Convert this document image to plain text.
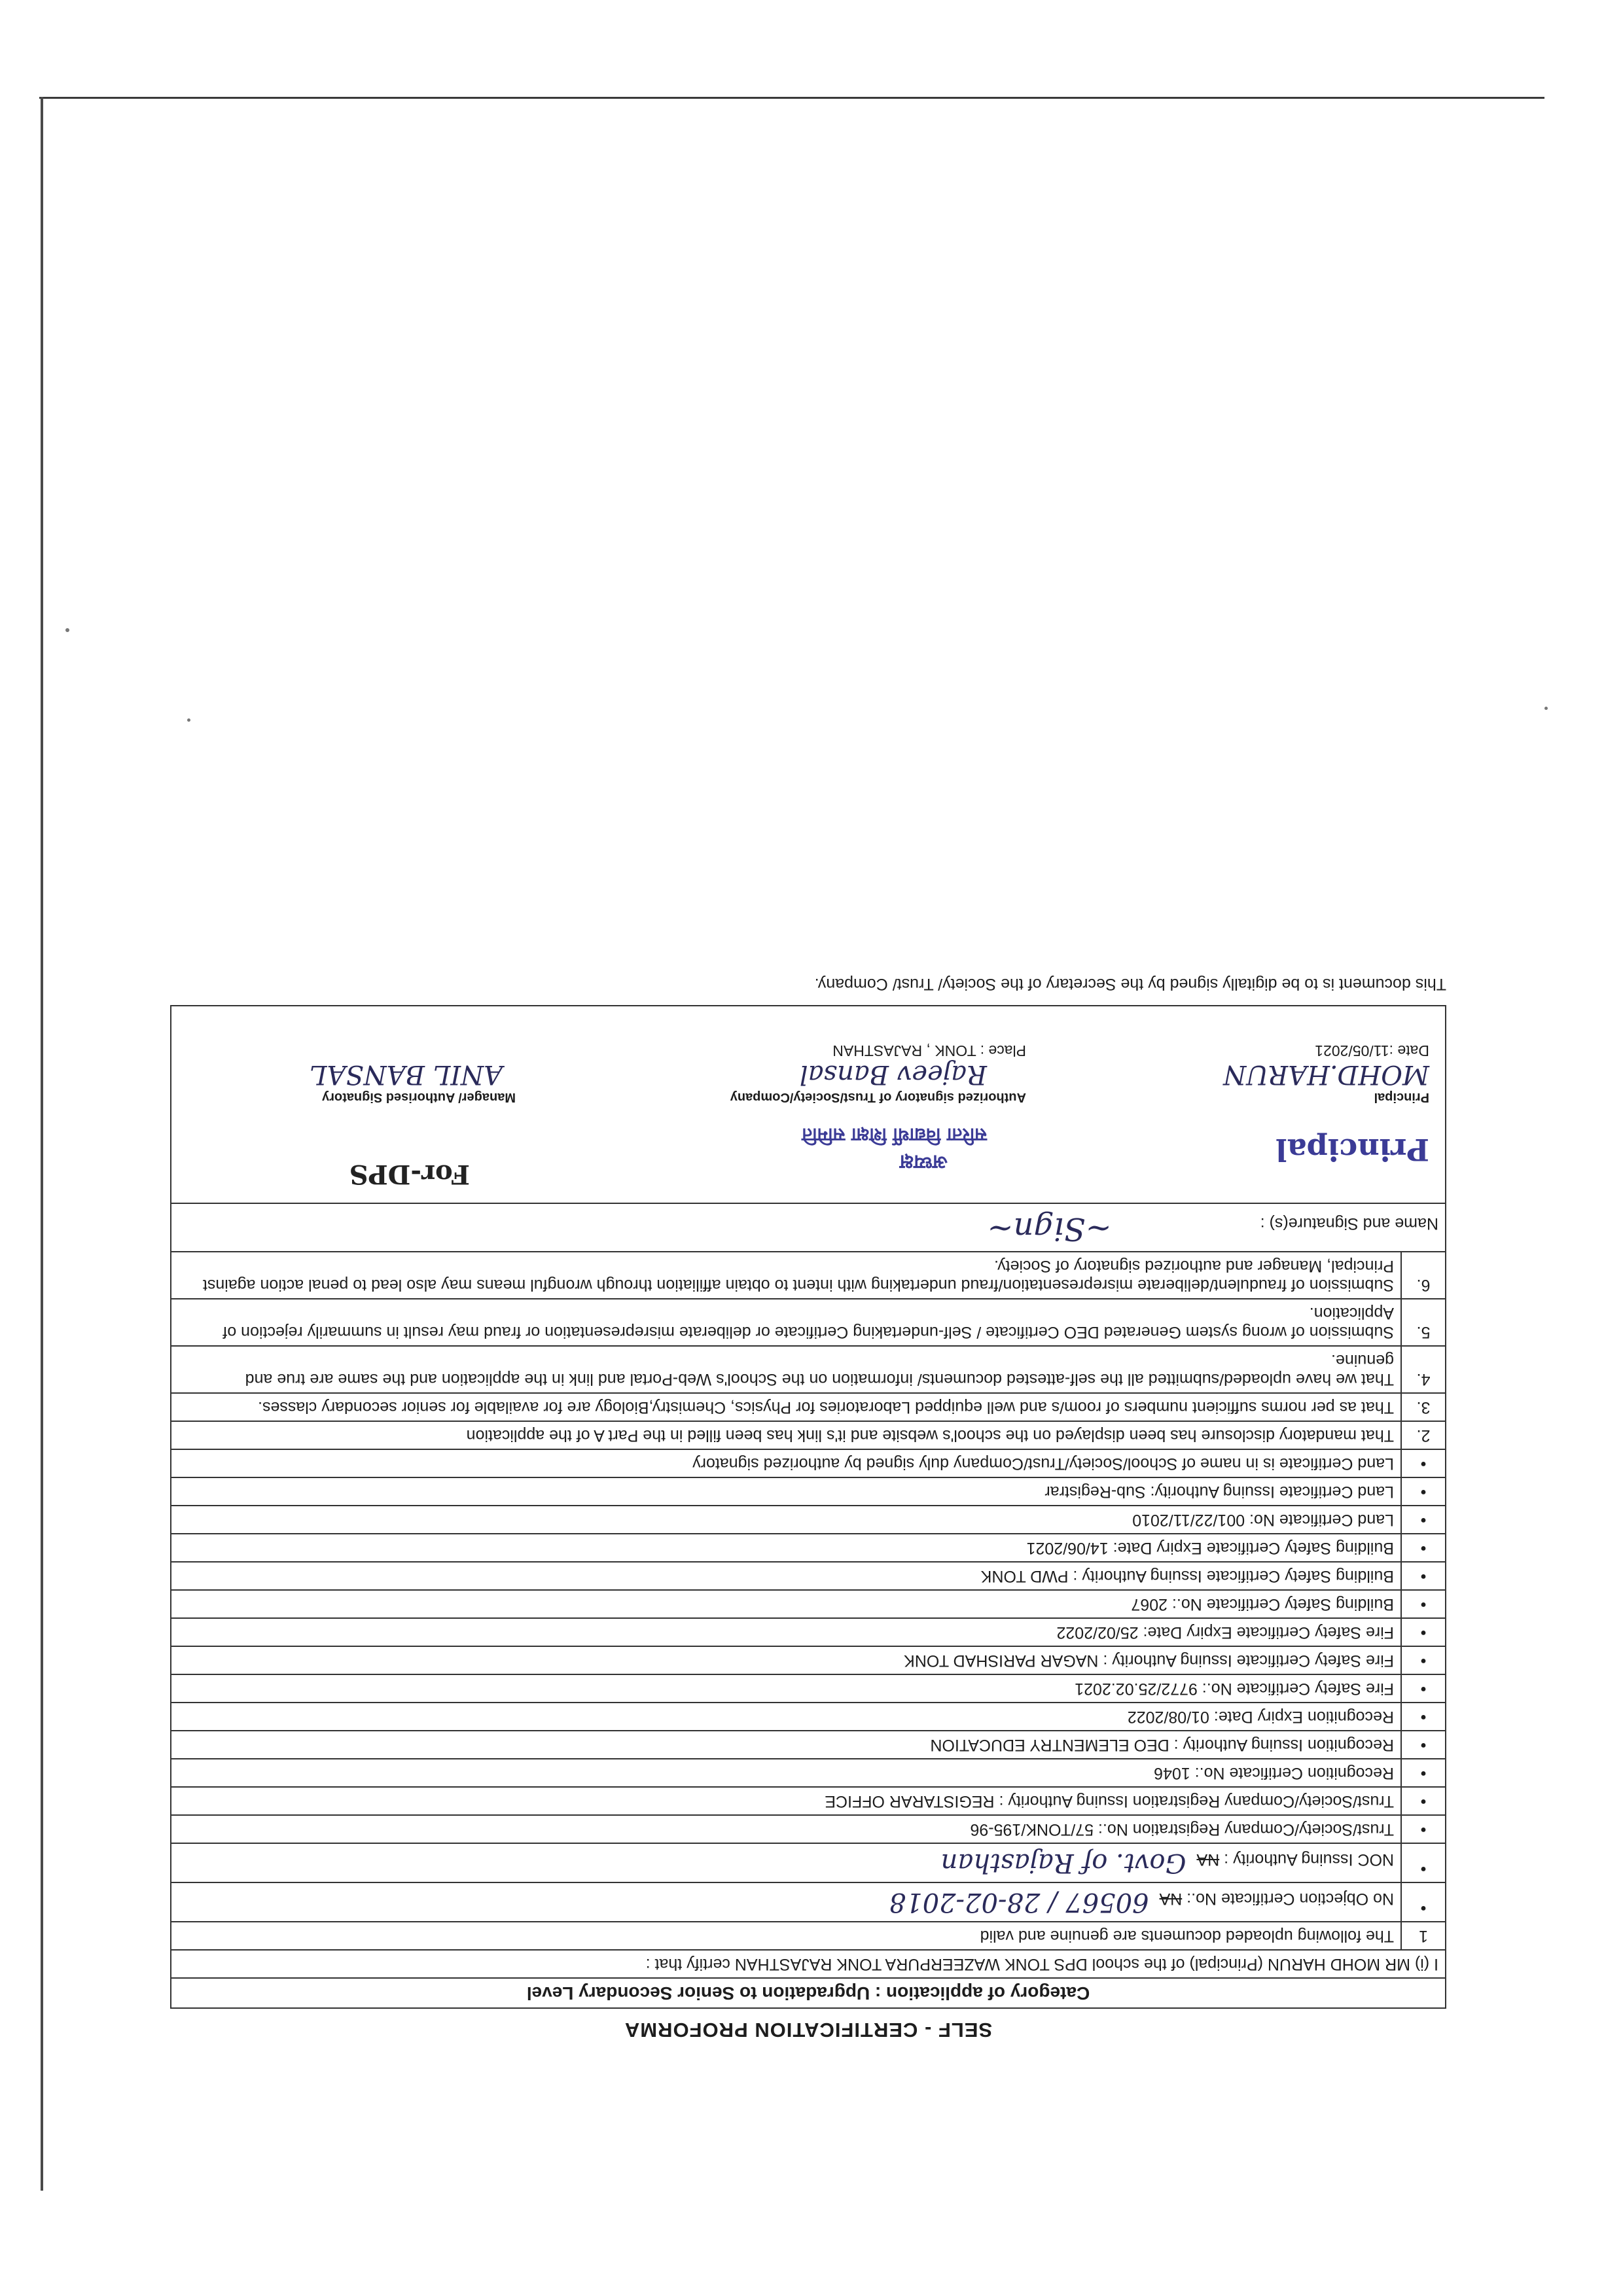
SELF - CERTIFICATION PROFORMA
Category of application : Upgradation to Senior Secondary Level	
I (i) MR MOHD HARUN (Principal) of the school DPS TONK WAZEERPURA TONK RAJASTHAN certify that :	
1	The following uploaded documents are genuine and valid
•	No Objection Certificate No.: NA60567 / 28-02-2018
•	NOC Issuing Authority : NAGovt. of Rajasthan
•	Trust/Society/Company Registration No.: 57/TONK/195-96
•	Trust/Society/Company Registration Issuing Authority : REGISTARAR OFFICE
•	Recognition Certificate No.: 1046
•	Recognition Issuing Authority : DEO ELEMENTRY EDUCATION
•	Recognition Expiry Date: 01/08/2022
•	Fire Safety Certificate No.: 9772/25.02.2021
•	Fire Safety Certificate Issuing Authority : NAGAR PARISHAD TONK
•	Fire Safety Certificate Expiry Date: 25/02/2022
•	Building Safety Certificate No.: 2067
•	Building Safety Certificate Issuing Authority : PWD TONK
•	Building Safety Certificate Expiry Date: 14/06/2021
•	Land Certificate No: 001/22/11/2010
•	Land Certificate Issuing Authority: Sub-Registrar
•	Land Certificate is in name of School/Society/Trust/Company duly signed by authorized signatory
2.	That mandatory disclosure has been displayed on the school's website and it's link has been filled in the Part A of the application
3.	That as per norms sufficient numbers of room/s and well equipped Laboratories for Physics, Chemistry,Biology are for available for senior secondary classes.
4.	That we have uploaded/submitted all the self-attested documents/ information on the School's Web-Portal and link in the application and the same are true and genuine.
5.	Submission of wrong system Generated DEO Certificate / Self-undertaking Certificate or deliberate misrepresentation or fraud may result in summarily rejection of Application.
6.	Submission of fraudulent/deliberate misrepresentation/fraud undertaking with intent to obtain affiliation through wrongful means may also lead to penal action against Principal, Manager and authorized signatory of Society.
Name and Signature(s) : ~Sign~	
Principal
Principal
MOHD.HARUN
Date :11/05/2021
अध्यक्ष
सरिता विद्यार्थी शिक्षा समिति
Authorized signatory of Trust/Society/Company
Rajeev Bansal
Place : TONK , RAJASTHAN
For-DPS
Manager/ Authorised Signatory
ANIL BANSAL
This document is to be digitally signed by the Secretary of the Society/ Trust/ Company.
